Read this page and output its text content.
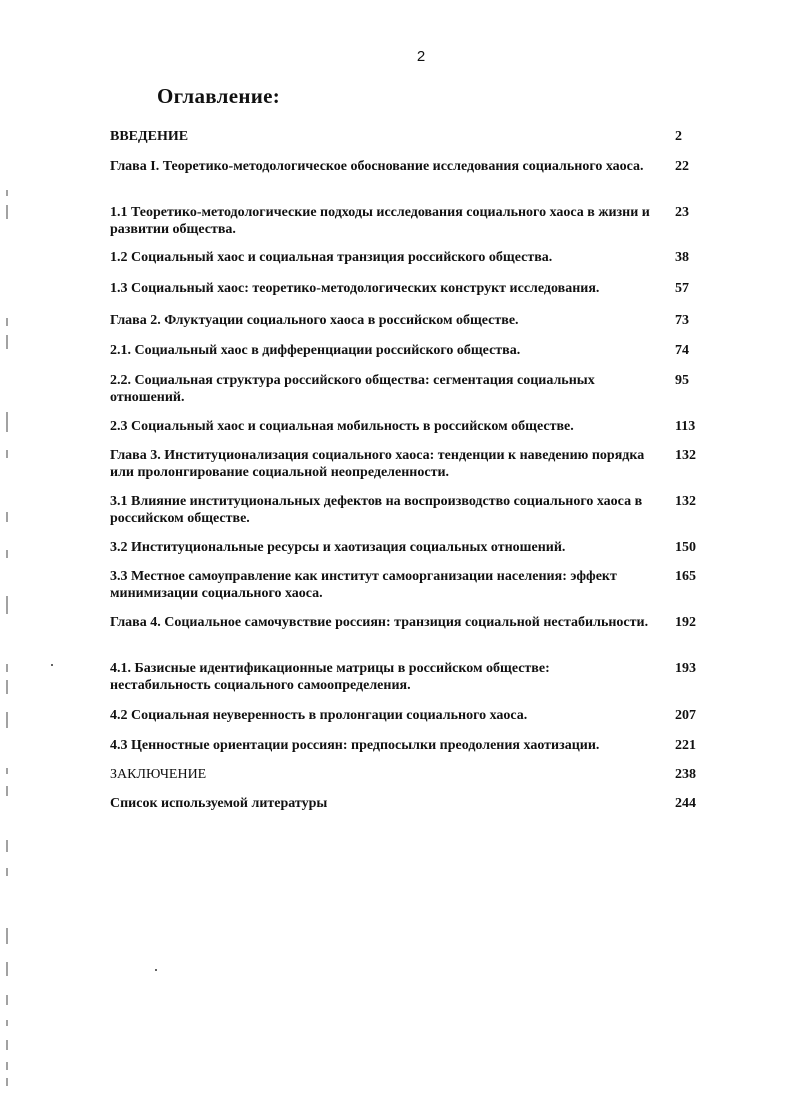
2
Оглавление:
ВВЕДЕНИЕ	2
Глава I. Теоретико-методологическое обоснование исследования социального хаоса.	22
1.1 Теоретико-методологические подходы исследования социального хаоса в жизни и развитии общества.
23
1.2 Социальный хаос и социальная транзиция российского общества.	38
1.3 Социальный хаос: теоретико-методологических конструкт исследования.	57
Глава 2. Флуктуации социального хаоса в российском обществе.	73
2.1. Социальный хаос в дифференциации российского общества.	74
2.2. Социальная структура российского общества: сегментация социальных отношений.
95
2.3 Социальный хаос и социальная мобильность в российском обществе.	113
Глава 3. Институционализация социального хаоса: тенденции к наведению порядка или пролонгирование социальной неопределенности.
132
3.1 Влияние институциональных дефектов на воспроизводство социального хаоса в российском обществе.
132
3.2 Институциональные ресурсы и хаотизация социальных отношений.	150
3.3 Местное самоуправление как институт самоорганизации населения: эффект минимизации социального хаоса.
165
Глава 4. Социальное самочувствие россиян: транзиция социальной нестабильности. 192
4.1. Базисные идентификационные матрицы в российском обществе: нестабильность социального самоопределения.
193
4.2 Социальная неуверенность в пролонгации социального хаоса.	207
4.3 Ценностные ориентации россиян: предпосылки преодоления хаотизации.	221
ЗАКЛЮЧЕНИЕ	238
Список используемой литературы	244
